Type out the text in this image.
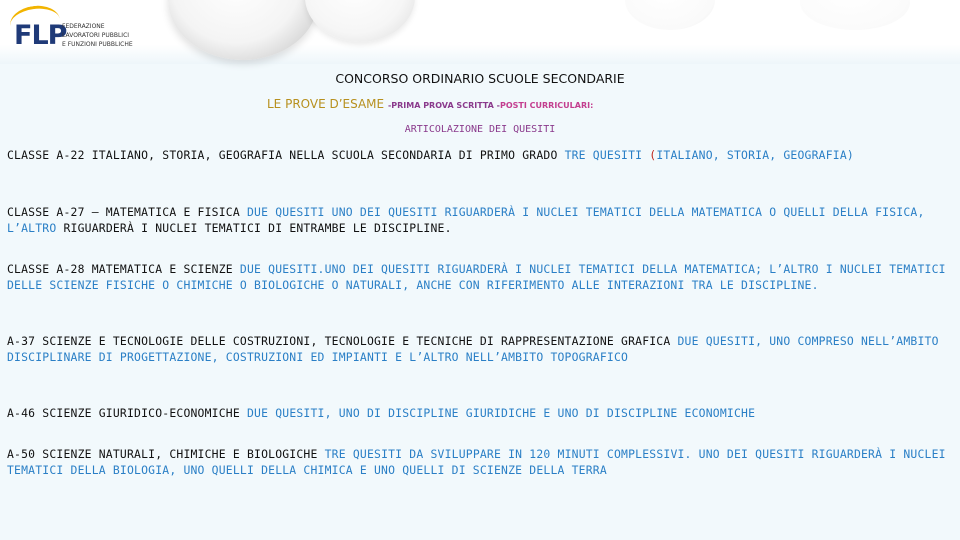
FLP
FEDERAZIONE
LAVORATORI PUBBLICI
E FUNZIONI PUBBLICHE
CONCORSO ORDINARIO SCUOLE SECONDARIE
LE PROVE D’ESAME -PRIMA PROVA SCRITTA -POSTI CURRICULARI:
ARTICOLAZIONE DEI QUESITI
CLASSE A-22 ITALIANO, STORIA, GEOGRAFIA NELLA SCUOLA SECONDARIA DI PRIMO GRADO TRE QUESITI (ITALIANO, STORIA, GEOGRAFIA)
CLASSE A-27 – MATEMATICA E FISICA DUE QUESITI UNO DEI QUESITI RIGUARDERÀ I NUCLEI TEMATICI DELLA MATEMATICA O QUELLI DELLA FISICA, L’ALTRO RIGUARDERÀ I NUCLEI TEMATICI DI ENTRAMBE LE DISCIPLINE.
CLASSE A-28 MATEMATICA E SCIENZE DUE QUESITI.UNO DEI QUESITI RIGUARDERÀ I NUCLEI TEMATICI DELLA MATEMATICA; L’ALTRO I NUCLEI TEMATICI DELLE SCIENZE FISICHE O CHIMICHE O BIOLOGICHE O NATURALI, ANCHE CON RIFERIMENTO ALLE INTERAZIONI TRA LE DISCIPLINE.
A-37 SCIENZE E TECNOLOGIE DELLE COSTRUZIONI, TECNOLOGIE E TECNICHE DI RAPPRESENTAZIONE GRAFICA DUE QUESITI, UNO COMPRESO NELL’AMBITO DISCIPLINARE DI PROGETTAZIONE, COSTRUZIONI ED IMPIANTI E L’ALTRO NELL’AMBITO TOPOGRAFICO
A-46 SCIENZE GIURIDICO-ECONOMICHE DUE QUESITI, UNO DI DISCIPLINE GIURIDICHE E UNO DI DISCIPLINE ECONOMICHE
A-50 SCIENZE NATURALI, CHIMICHE E BIOLOGICHE TRE QUESITI DA SVILUPPARE IN 120 MINUTI COMPLESSIVI. UNO DEI QUESITI RIGUARDERÀ I NUCLEI TEMATICI DELLA BIOLOGIA, UNO QUELLI DELLA CHIMICA E UNO QUELLI DI SCIENZE DELLA TERRA
